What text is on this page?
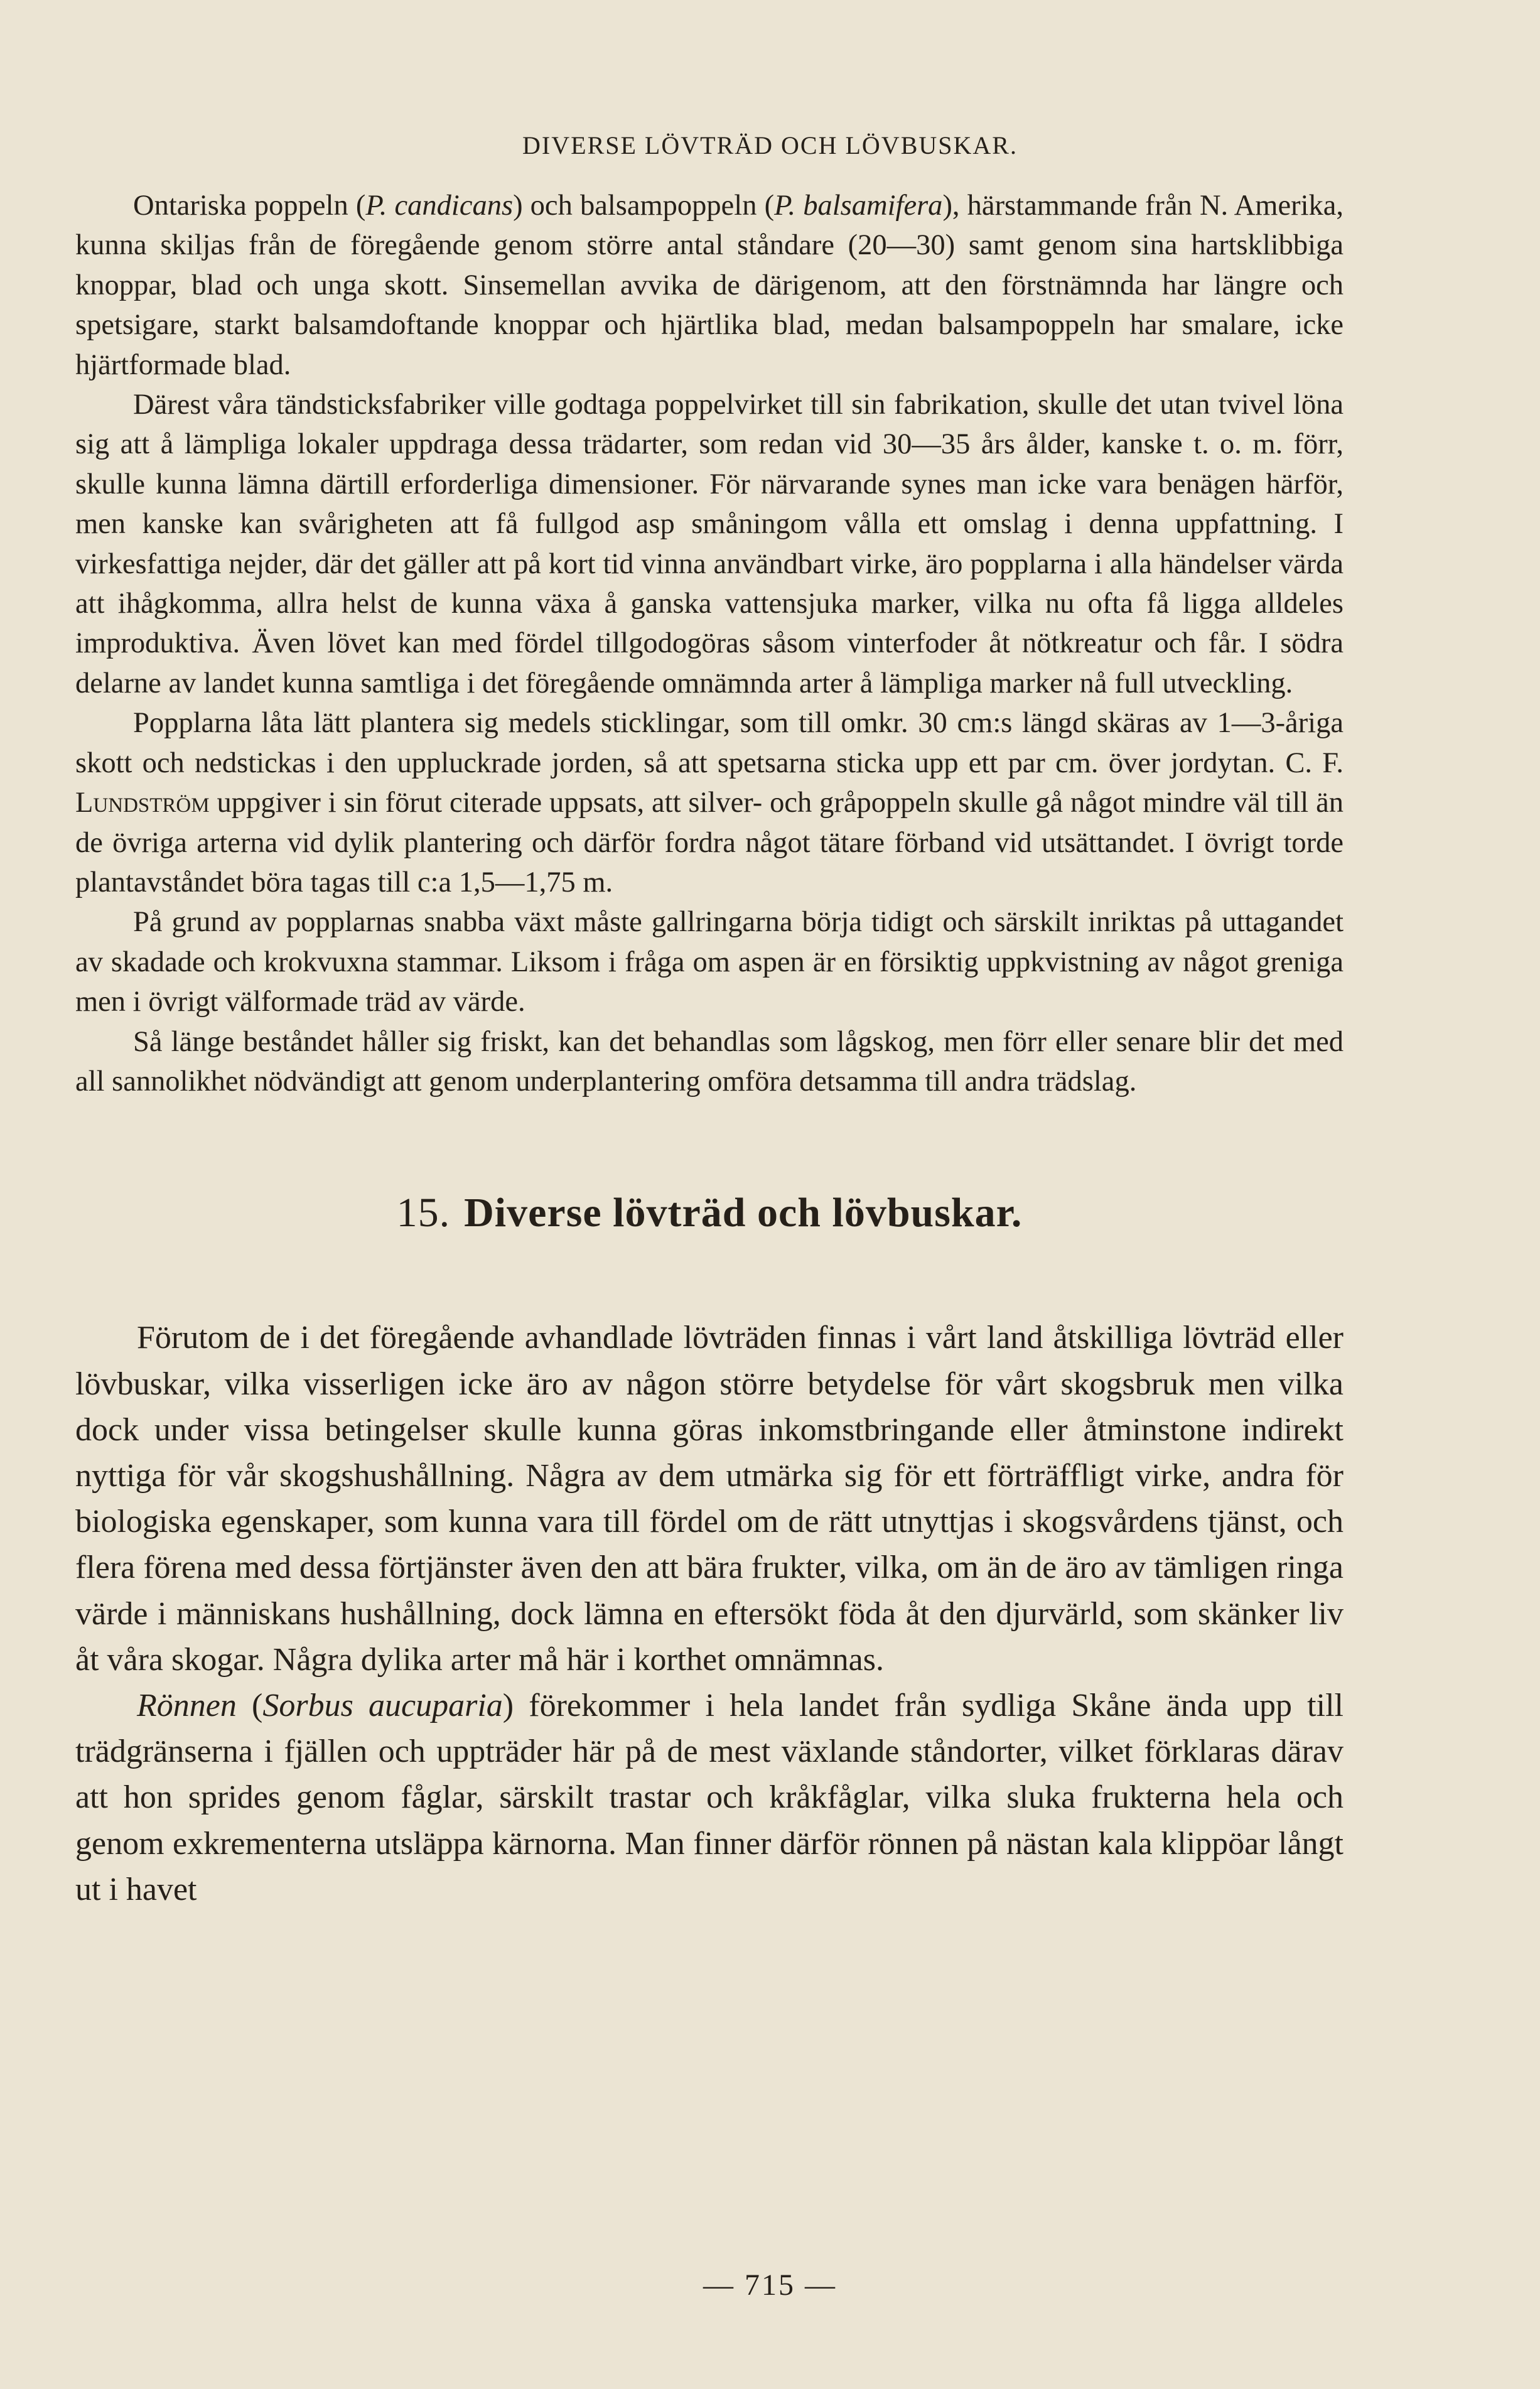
DIVERSE LÖVTRÄD OCH LÖVBUSKAR.

Ontariska poppeln (P. candicans) och balsampoppeln (P. balsamifera), härstammande från N. Amerika, kunna skiljas från de föregående genom större antal ståndare (20—30) samt genom sina hartsklibbiga knoppar, blad och unga skott. Sinsemellan avvika de därigenom, att den förstnämnda har längre och spetsigare, starkt balsamdoftande knoppar och hjärtlika blad, medan balsampoppeln har smalare, icke hjärtformade blad.

Därest våra tändsticksfabriker ville godtaga poppelvirket till sin fabrikation, skulle det utan tvivel löna sig att å lämpliga lokaler uppdraga dessa trädarter, som redan vid 30—35 års ålder, kanske t. o. m. förr, skulle kunna lämna därtill erforderliga dimensioner. För närvarande synes man icke vara benägen härför, men kanske kan svårigheten att få fullgod asp småningom vålla ett omslag i denna uppfattning. I virkesfattiga nejder, där det gäller att på kort tid vinna användbart virke, äro popplarna i alla händelser värda att ihågkomma, allra helst de kunna växa å ganska vattensjuka marker, vilka nu ofta få ligga alldeles improduktiva. Även lövet kan med fördel tillgodogöras såsom vinterfoder åt nötkreatur och får. I södra delarne av landet kunna samtliga i det föregående omnämnda arter å lämpliga marker nå full utveckling.

Popplarna låta lätt plantera sig medels sticklingar, som till omkr. 30 cm:s längd skäras av 1—3-åriga skott och nedstickas i den uppluckrade jorden, så att spetsarna sticka upp ett par cm. över jordytan. C. F. Lundström uppgiver i sin förut citerade uppsats, att silver- och gråpoppeln skulle gå något mindre väl till än de övriga arterna vid dylik plantering och därför fordra något tätare förband vid utsättandet. I övrigt torde plantavståndet böra tagas till c:a 1,5—1,75 m.

På grund av popplarnas snabba växt måste gallringarna börja tidigt och särskilt inriktas på uttagandet av skadade och krokvuxna stammar. Liksom i fråga om aspen är en försiktig uppkvistning av något greniga men i övrigt välformade träd av värde.

Så länge beståndet håller sig friskt, kan det behandlas som lågskog, men förr eller senare blir det med all sannolikhet nödvändigt att genom underplantering omföra detsamma till andra trädslag.

15. Diverse lövträd och lövbuskar.

Förutom de i det föregående avhandlade lövträden finnas i vårt land åtskilliga lövträd eller lövbuskar, vilka visserligen icke äro av någon större betydelse för vårt skogsbruk men vilka dock under vissa betingelser skulle kunna göras inkomstbringande eller åtminstone indirekt nyttiga för vår skogshushållning. Några av dem utmärka sig för ett förträffligt virke, andra för biologiska egenskaper, som kunna vara till fördel om de rätt utnyttjas i skogsvårdens tjänst, och flera förena med dessa förtjänster även den att bära frukter, vilka, om än de äro av tämligen ringa värde i människans hushållning, dock lämna en eftersökt föda åt den djurvärld, som skänker liv åt våra skogar. Några dylika arter må här i korthet omnämnas.

Rönnen (Sorbus aucuparia) förekommer i hela landet från sydliga Skåne ända upp till trädgränserna i fjällen och uppträder här på de mest växlande ståndorter, vilket förklaras därav att hon sprides genom fåglar, särskilt trastar och kråkfåglar, vilka sluka frukterna hela och genom exkrementerna utsläppa kärnorna. Man finner därför rönnen på nästan kala klippöar långt ut i havet

— 715 —
